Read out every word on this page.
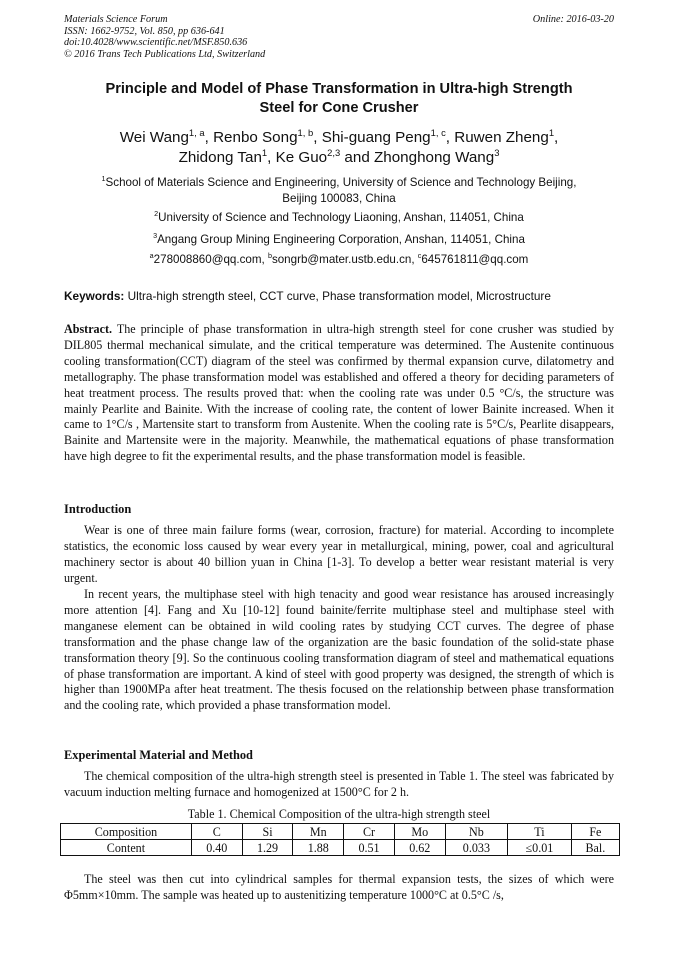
Materials Science Forum
ISSN: 1662-9752, Vol. 850, pp 636-641
doi:10.4028/www.scientific.net/MSF.850.636
© 2016 Trans Tech Publications Ltd, Switzerland
Online: 2016-03-20
Principle and Model of Phase Transformation in Ultra-high Strength
Steel for Cone Crusher
Wei Wang$^{1, a}$, Renbo Song$^{1, b}$, Shi-guang Peng$^{1, c}$, Ruwen Zheng$^1$,
Zhidong Tan$^1$, Ke Guo$^{2,3}$ and Zhonghong Wang$^3$
$^1$School of Materials Science and Engineering, University of Science and Technology Beijing,
Beijing 100083, China
$^2$University of Science and Technology Liaoning, Anshan, 114051, China
$^3$Angang Group Mining Engineering Corporation, Anshan, 114051, China
$^a$278008860@qq.com, $^b$songrb@mater.ustb.edu.cn, $^c$645761811@qq.com
Keywords: Ultra-high strength steel, CCT curve, Phase transformation model, Microstructure
Abstract. The principle of phase transformation in ultra-high strength steel for cone crusher was studied by DIL805 thermal mechanical simulate, and the critical temperature was determined. The Austenite continuous cooling transformation(CCT) diagram of the steel was confirmed by thermal expansion curve, dilatometry and metallography. The phase transformation model was established and offered a theory for deciding parameters of heat treatment process. The results proved that: when the cooling rate was under 0.5 °C/s, the structure was mainly Pearlite and Bainite. With the increase of cooling rate, the content of lower Bainite increased. When it came to 1°C/s , Martensite start to transform from Austenite. When the cooling rate is 5°C/s, Pearlite disappears, Bainite and Martensite were in the majority. Meanwhile, the mathematical equations of phase transformation have high degree to fit the experimental results, and the phase transformation model is feasible.
Introduction
Wear is one of three main failure forms (wear, corrosion, fracture) for material. According to incomplete statistics, the economic loss caused by wear every year in metallurgical, mining, power, coal and agricultural machinery sector is about 40 billion yuan in China [1-3]. To develop a better wear resistant material is very urgent.
In recent years, the multiphase steel with high tenacity and good wear resistance has aroused increasingly more attention [4]. Fang and Xu [10-12] found bainite/ferrite multiphase steel and multiphase steel with manganese element can be obtained in wild cooling rates by studying CCT curves. The degree of phase transformation and the phase change law of the organization are the basic foundation of the solid-state phase transformation theory [9]. So the continuous cooling transformation diagram of steel and mathematical equations of phase transformation are important. A kind of steel with good property was designed, the strength of which is higher than 1900MPa after heat treatment. The thesis focused on the relationship between phase transformation and the cooling rate, which provided a phase transformation model.
Experimental Material and Method
The chemical composition of the ultra-high strength steel is presented in Table 1. The steel was fabricated by vacuum induction melting furnace and homogenized at 1500°C for 2 h.
Table 1. Chemical Composition of the ultra-high strength steel
Composition	C	Si	Mn	Cr	Mo	Nb	Ti	Fe
Content	0.40	1.29	1.88	0.51	0.62	0.033	≤0.01	Bal.
The steel was then cut into cylindrical samples for thermal expansion tests, the sizes of which were Φ5mm×10mm. The sample was heated up to austenitizing temperature 1000°C at 0.5°C /s,
